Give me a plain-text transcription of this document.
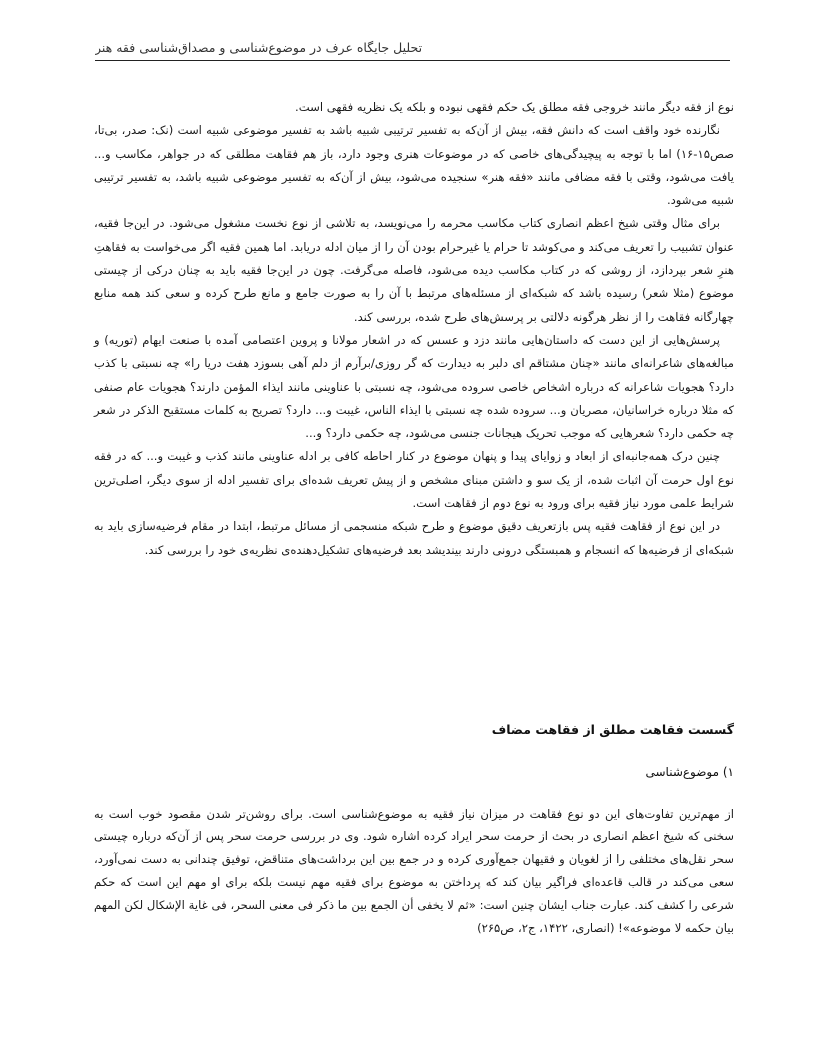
تحلیل جایگاه عرف در موضوع‌شناسی و مصداق‌شناسی فقه هنر

نوع از فقه دیگر مانند خروجی فقه مطلق یک حکم فقهی نبوده و بلکه یک نظریه فقهی است.

نگارنده خود واقف است که دانش فقه، بیش از آن‌که به تفسیر ترتیبی شبیه باشد به تفسیر موضوعی شبیه است (نک: صدر، بی‌تا، صص۱۵-۱۶) اما با توجه به پیچیدگی‌های خاصی که در موضوعات هنری وجود دارد، باز هم فقاهت مطلقی که در جواهر، مکاسب و... یافت می‌شود، وقتی با فقه مضافی مانند «فقه هنر» سنجیده می‌شود، بیش از آن‌که به تفسیر موضوعی شبیه باشد، به تفسیر ترتیبی شبیه می‌شود.

برای مثال وقتی شیخ اعظم انصاری کتاب مکاسب محرمه را می‌نویسد، به تلاشی از نوع نخست مشغول می‌شود. در این‌جا فقیه، عنوان تشبیب را تعریف می‌کند و می‌کوشد تا حرام یا غیرحرام بودن آن را از میان ادله دریابد. اما همین فقیه اگر می‌خواست به فقاهتِ هنرِ شعر بپردازد، از روشی که در کتاب مکاسب دیده می‌شود، فاصله می‌گرفت. چون در این‌جا فقیه باید به چنان درکی از چیستی موضوع (مثلا شعر) رسیده باشد که شبکه‌ای از مسئله‌های مرتبط با آن را به صورت جامع و مانع طرح کرده و سعی کند همه منابع چهارگانه فقاهت را از نظر هرگونه دلالتی بر پرسش‌های طرح شده، بررسی کند.

پرسش‌هایی از این دست که داستان‌هایی مانند دزد و عسس که در اشعار مولانا و پروین اعتصامی آمده با صنعت ایهام (توریه) و مبالغه‌های شاعرانه‌ای مانند «چنان مشتاقم ای دلبر به دیدارت که گر روزی/برآرم از دلم آهی بسوزد هفت دریا را» چه نسبتی با کذب دارد؟ هجویات شاعرانه که درباره اشخاص خاصی سروده می‌شود، چه نسبتی با عناوینی مانند ایذاء المؤمن دارند؟ هجویات عام صنفی که مثلا درباره خراسانیان، مصریان و... سروده شده چه نسبتی با ایذاء الناس، غیبت و... دارد؟ تصریح به کلمات مستقبح الذکر در شعر چه حکمی دارد؟ شعرهایی که موجب تحریک هیجانات جنسی می‌شود، چه حکمی دارد؟ و...

چنین درک همه‌جانبه‌ای از ابعاد و زوایای پیدا و پنهان موضوع در کنار احاطه کافی بر ادله عناوینی مانند کذب و غیبت و... که در فقه نوع اول حرمت آن اثبات شده، از یک سو و داشتن مبنای مشخص و از پیش تعریف شده‌ای برای تفسیر ادله از سوی دیگر، اصلی‌ترین شرایط علمی مورد نیاز فقیه برای ورود به نوع دوم از فقاهت است.

در این نوع از فقاهت فقیه پس بازتعریف دقیق موضوع و طرح شبکه منسجمی از مسائل مرتبط، ابتدا در مقام فرضیه‌سازی باید به شبکه‌ای از فرضیه‌ها که انسجام و همبستگی درونی دارند بیندیشد بعد فرضیه‌های تشکیل‌دهنده‌ی نظریه‌ی خود را بررسی کند.

گسست فقاهت مطلق از فقاهت مضاف
۱) موضوع‌شناسی

از مهم‌ترین تفاوت‌های این دو نوع فقاهت در میزان نیاز فقیه به موضوع‌شناسی است. برای روشن‌تر شدن مقصود خوب است به سخنی که شیخ اعظم انصاری در بحث از حرمت سحر ایراد کرده اشاره شود. وی در بررسی حرمت سحر پس از آن‌که درباره چیستی سحر نقل‌های مختلفی را از لغویان و فقیهان جمع‌آوری کرده و در جمع بین این برداشت‌های متناقض، توفیق چندانی به دست نمی‌آورد، سعی می‌کند در قالب قاعده‌ای فراگیر بیان کند که پرداختن به موضوع برای فقیه مهم نیست بلکه برای او مهم این است که حکم شرعی را کشف کند. عبارت جناب ایشان چنین است: «ثم لا یخفی أن الجمع بین ما ذکر فی معنی السحر، فی غایة الإشکال لکن المهم بیان حکمه لا موضوعه»! (انصاری، ۱۴۲۲، ج۲، ص۲۶۵)
